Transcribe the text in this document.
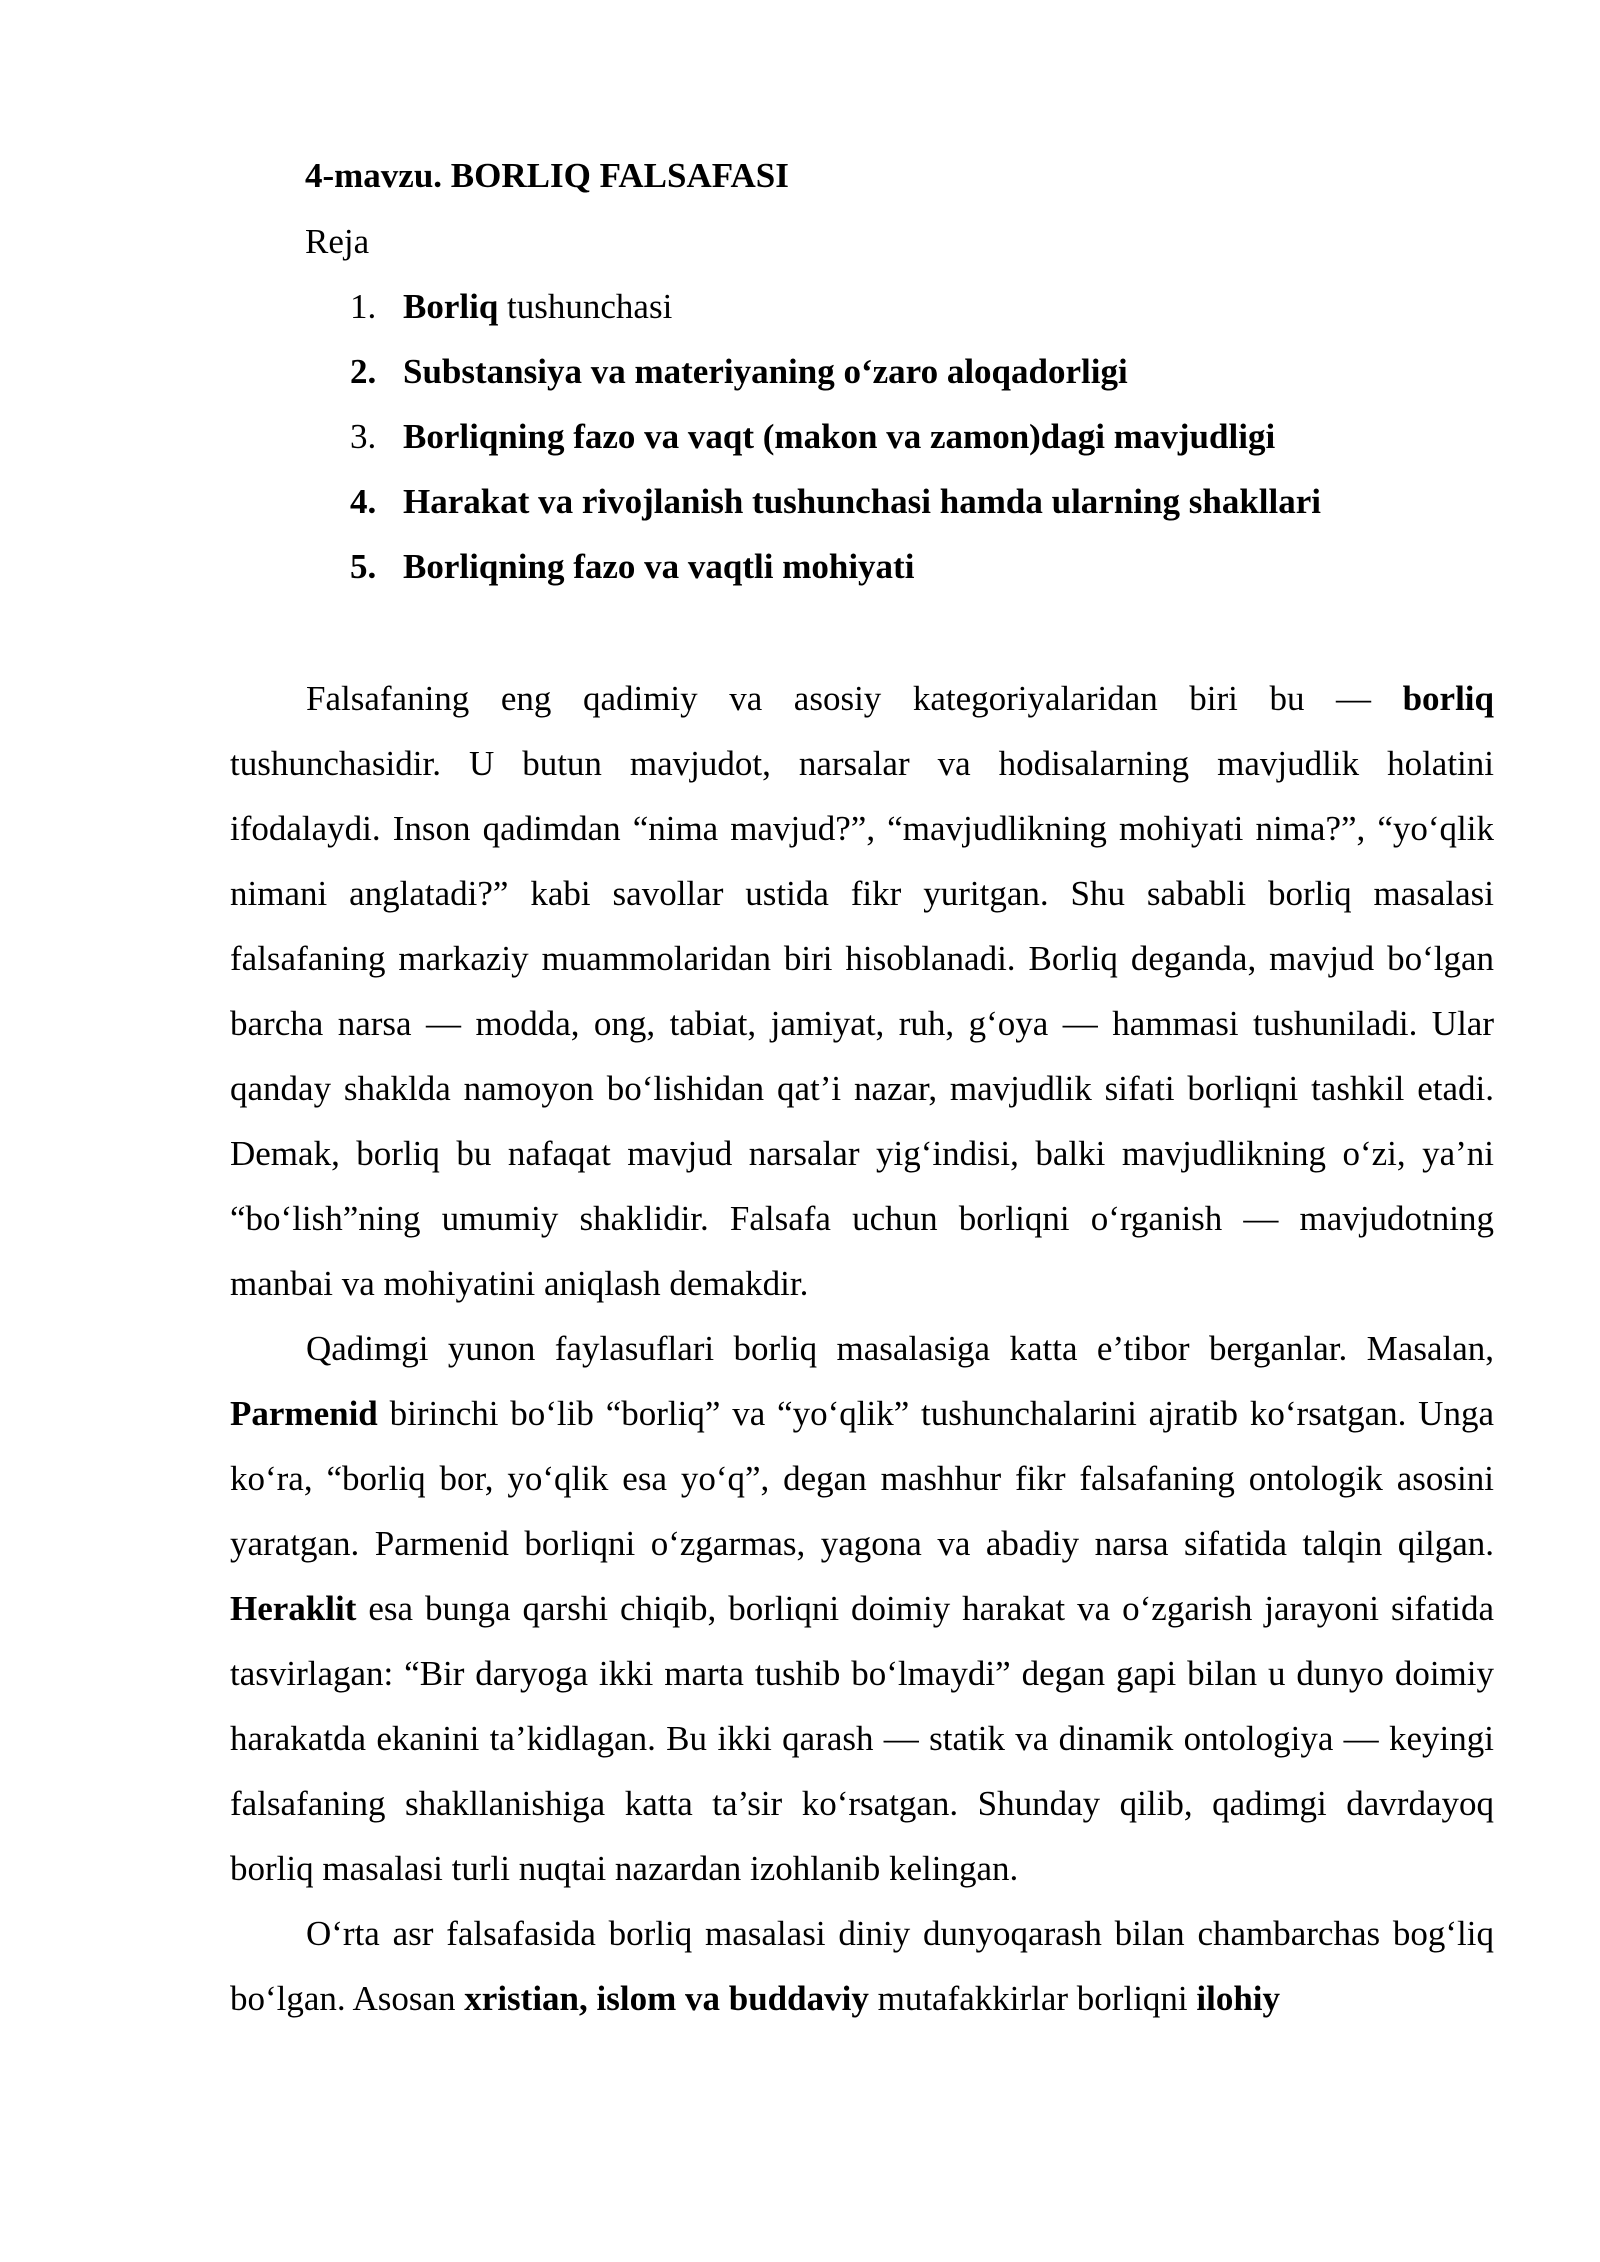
4-mavzu. BORLIQ FALSAFASI
Reja
1. Borliq tushunchasi
2. Substansiya va materiyaning o‘zaro aloqadorligi
3. Borliqning fazo va vaqt (makon va zamon)dagi mavjudligi
4. Harakat va rivojlanish tushunchasi hamda ularning shakllari
5. Borliqning fazo va vaqtli mohiyati

Falsafaning eng qadimiy va asosiy kategoriyalaridan biri bu — borliq tushunchasidir. U butun mavjudot, narsalar va hodisalarning mavjudlik holatini ifodalaydi. Inson qadimdan “nima mavjud?”, “mavjudlikning mohiyati nima?”, “yo‘qlik nimani anglatadi?” kabi savollar ustida fikr yuritgan. Shu sababli borliq masalasi falsafaning markaziy muammolaridan biri hisoblanadi. Borliq deganda, mavjud bo‘lgan barcha narsa — modda, ong, tabiat, jamiyat, ruh, g‘oya — hammasi tushuniladi. Ular qanday shaklda namoyon bo‘lishidan qat’i nazar, mavjudlik sifati borliqni tashkil etadi. Demak, borliq bu nafaqat mavjud narsalar yig‘indisi, balki mavjudlikning o‘zi, ya’ni “bo‘lish”ning umumiy shaklidir. Falsafa uchun borliqni o‘rganish — mavjudotning manbai va mohiyatini aniqlash demakdir.

Qadimgi yunon faylasuflari borliq masalasiga katta e’tibor berganlar. Masalan, Parmenid birinchi bo‘lib “borliq” va “yo‘qlik” tushunchalarini ajratib ko‘rsatgan. Unga ko‘ra, “borliq bor, yo‘qlik esa yo‘q”, degan mashhur fikr falsafaning ontologik asosini yaratgan. Parmenid borliqni o‘zgarmas, yagona va abadiy narsa sifatida talqin qilgan. Heraklit esa bunga qarshi chiqib, borliqni doimiy harakat va o‘zgarish jarayoni sifatida tasvirlagan: “Bir daryoga ikki marta tushib bo‘lmaydi” degan gapi bilan u dunyo doimiy harakatda ekanini ta’kidlagan. Bu ikki qarash — statik va dinamik ontologiya — keyingi falsafaning shakllanishiga katta ta’sir ko‘rsatgan. Shunday qilib, qadimgi davrdayoq borliq masalasi turli nuqtai nazardan izohlanib kelingan.

O‘rta asr falsafasida borliq masalasi diniy dunyoqarash bilan chambarchas bog‘liq bo‘lgan. Asosan xristian, islom va buddaviy mutafakkirlar borliqni ilohiy
